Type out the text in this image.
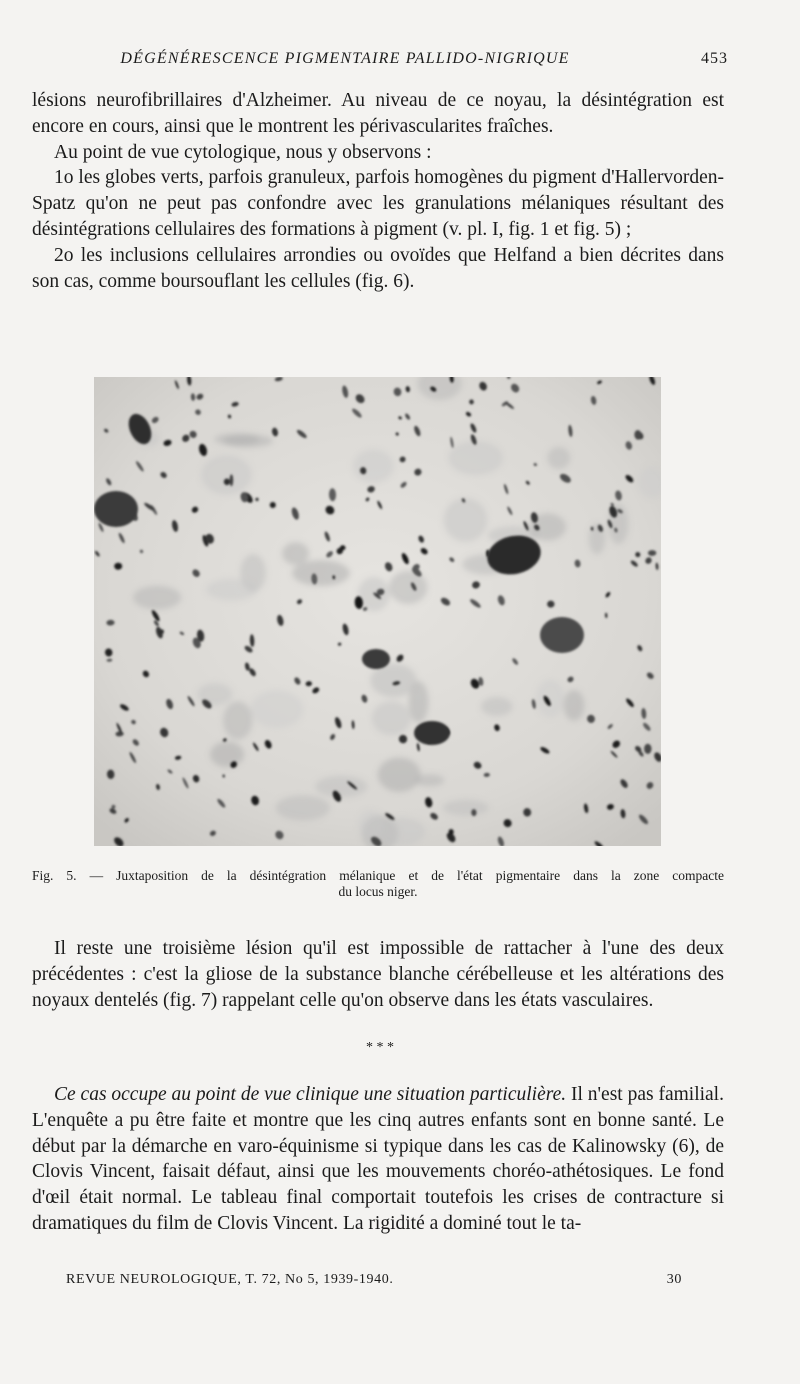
DÉGÉNÉRESCENCE PIGMENTAIRE PALLIDO-NIGRIQUE	453

lésions neurofibrillaires d'Alzheimer. Au niveau de ce noyau, la désintégration est encore en cours, ainsi que le montrent les périvascularites fraîches.

Au point de vue cytologique, nous y observons :

1o les globes verts, parfois granuleux, parfois homogènes du pigment d'Hallervorden-Spatz qu'on ne peut pas confondre avec les granulations mélaniques résultant des désintégrations cellulaires des formations à pigment (v. pl. I, fig. 1 et fig. 5) ;

2o les inclusions cellulaires arrondies ou ovoïdes que Helfand a bien décrites dans son cas, comme boursouflant les cellules (fig. 6).

Fig. 5. — Juxtaposition de la désintégration mélanique et de l'état pigmentaire dans la zone compacte
du locus niger.

Il reste une troisième lésion qu'il est impossible de rattacher à l'une des deux précédentes : c'est la gliose de la substance blanche cérébelleuse et les altérations des noyaux dentelés (fig. 7) rappelant celle qu'on observe dans les états vasculaires.

* * *

Ce cas occupe au point de vue clinique une situation particulière. Il n'est pas familial. L'enquête a pu être faite et montre que les cinq autres enfants sont en bonne santé. Le début par la démarche en varo-équinisme si typique dans les cas de Kalinowsky (6), de Clovis Vincent, faisait défaut, ainsi que les mouvements choréo-athétosiques. Le fond d'œil était normal. Le tableau final comportait toutefois les crises de contracture si dramatiques du film de Clovis Vincent. La rigidité a dominé tout le ta-

REVUE NEUROLOGIQUE, T. 72, No 5, 1939-1940.	30
